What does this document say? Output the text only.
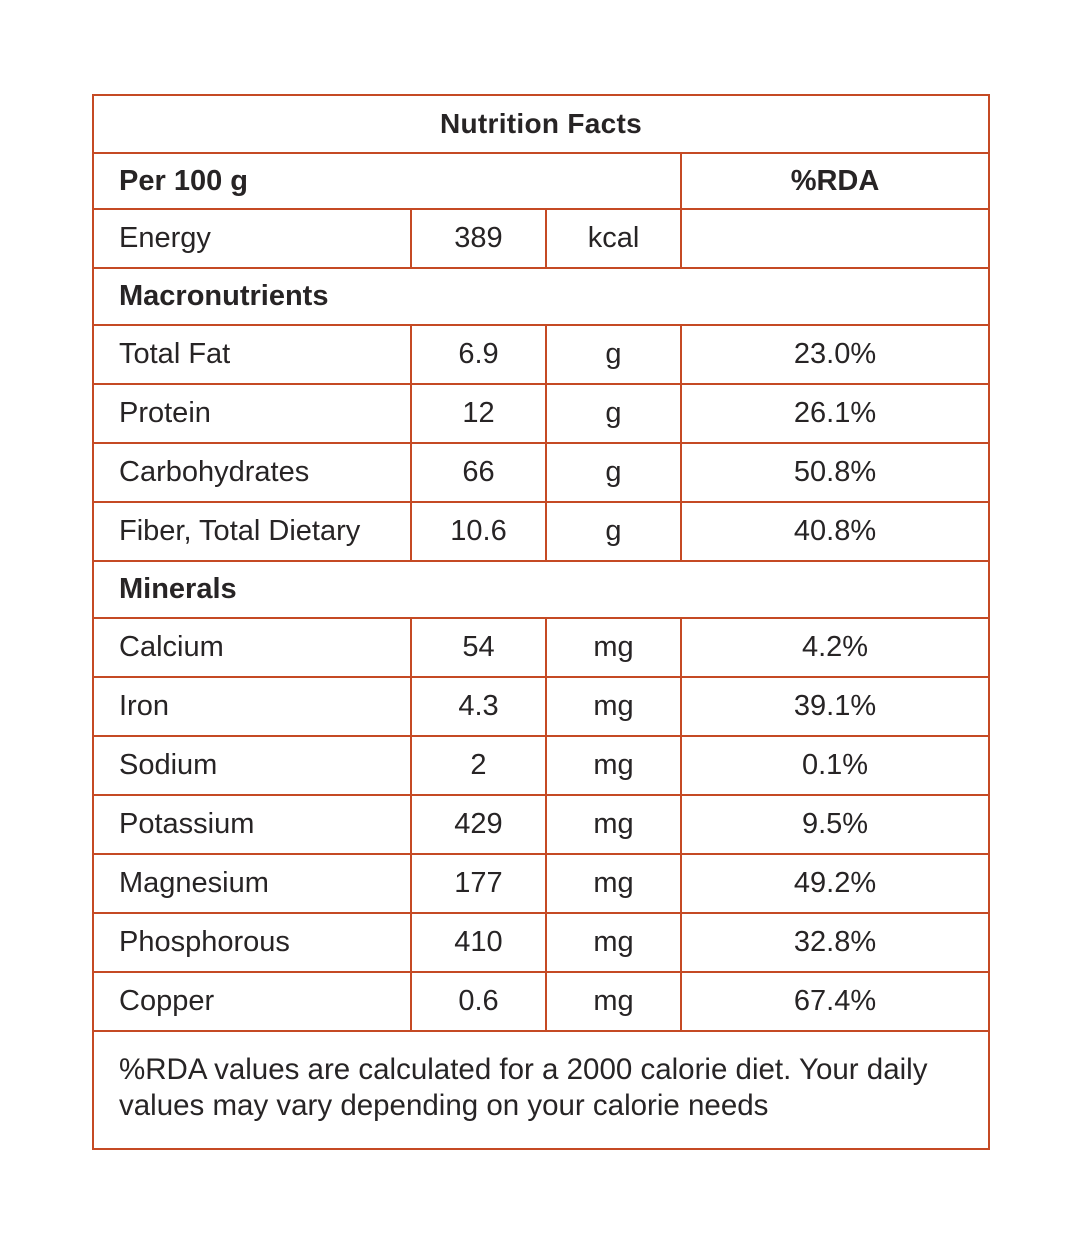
Nutrition Facts			
Per 100 g			%RDA
Energy	389	kcal	
Macronutrients			
Total Fat	6.9	g	23.0%
Protein	12	g	26.1%
Carbohydrates	66	g	50.8%
Fiber, Total Dietary	10.6	g	40.8%
Minerals			
Calcium	54	mg	4.2%
Iron	4.3	mg	39.1%
Sodium	2	mg	0.1%
Potassium	429	mg	9.5%
Magnesium	177	mg	49.2%
Phosphorous	410	mg	32.8%
Copper	0.6	mg	67.4%
%RDA values are calculated for a 2000 calorie diet. Your daily values may vary depending on your calorie needs			
